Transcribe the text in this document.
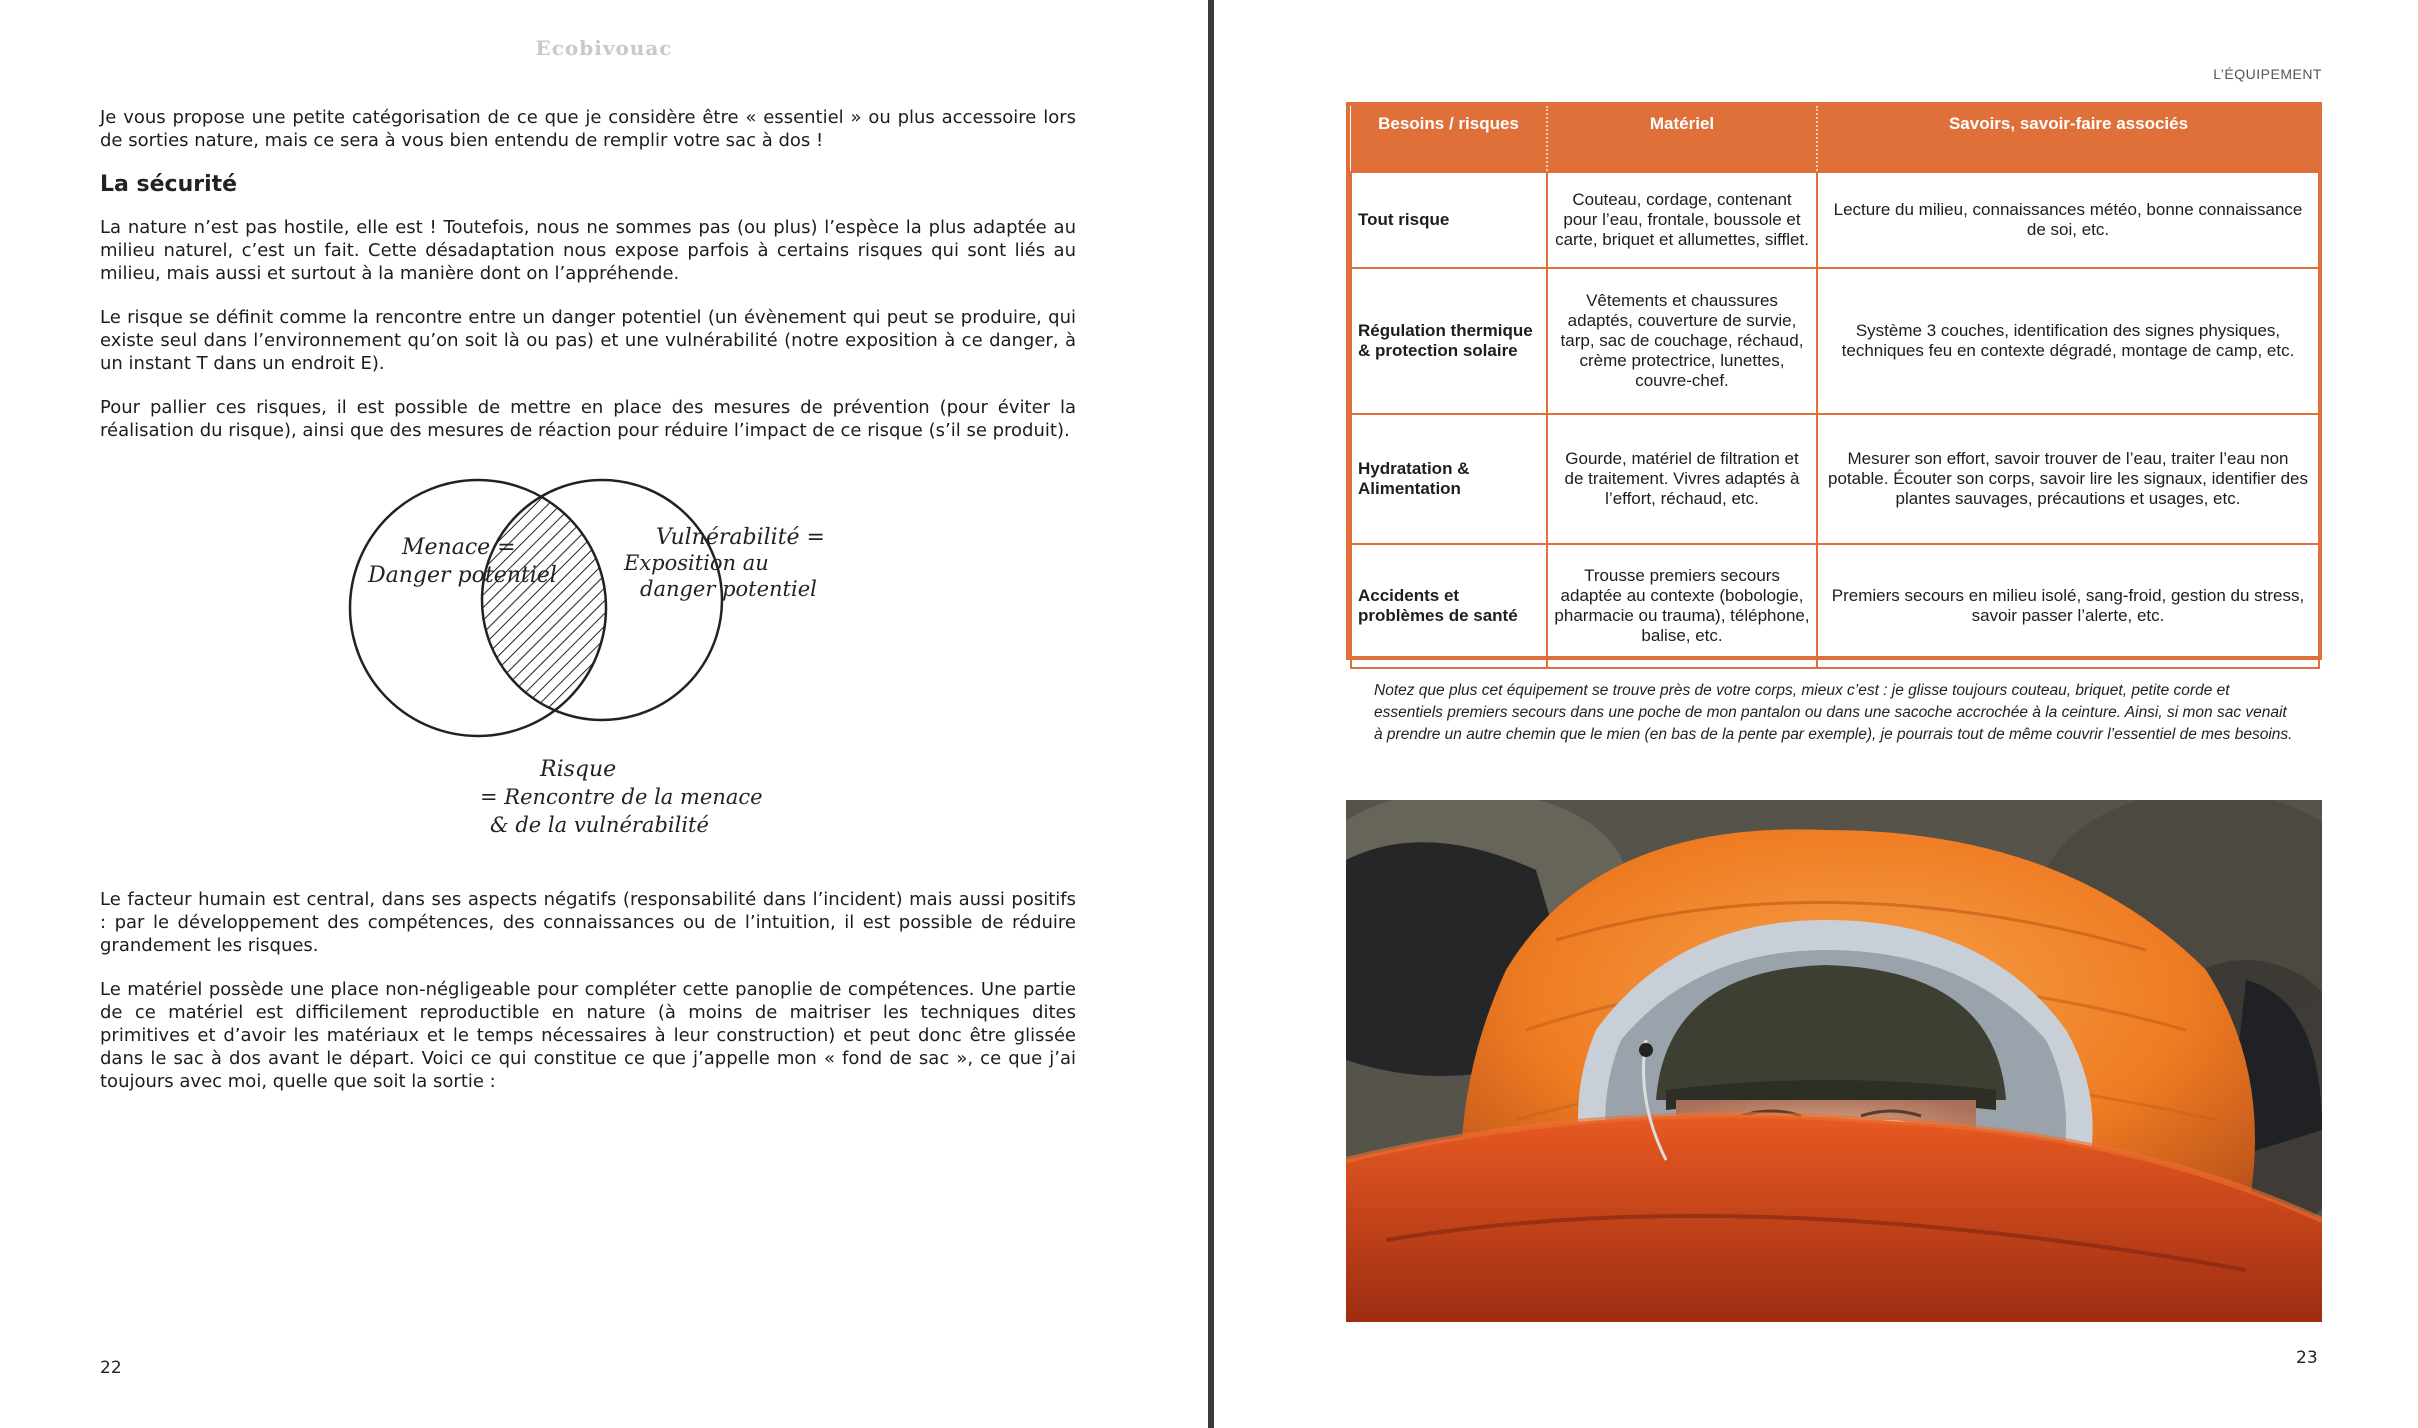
Ecobivouac

Je vous propose une petite catégorisation de ce que je considère être « essentiel » ou plus accessoire lors de sorties nature, mais ce sera à vous bien entendu de remplir votre sac à dos !

La sécurité

La nature n’est pas hostile, elle est ! Toutefois, nous ne sommes pas (ou plus) l’espèce la plus adaptée au milieu naturel, c’est un fait. Cette désadaptation nous expose parfois à certains risques qui sont liés au milieu, mais aussi et surtout à la manière dont on l’appréhende.

Le risque se définit comme la rencontre entre un danger potentiel (un évènement qui peut se produire, qui existe seul dans l’environnement qu’on soit là ou pas) et une vulnérabilité (notre exposition à ce danger, à un instant T dans un endroit E).

Pour pallier ces risques, il est possible de mettre en place des mesures de prévention (pour éviter la réalisation du risque), ainsi que des mesures de réaction pour réduire l’impact de ce risque (s’il se produit).

Menace =
Danger potentiel
Vulnérabilité =
Exposition au
danger potentiel
Risque
= Rencontre de la menace
& de la vulnérabilité

Le facteur humain est central, dans ses aspects négatifs (responsabilité dans l’incident) mais aussi positifs : par le développement des compétences, des connaissances ou de l’intuition, il est possible de réduire grandement les risques.

Le matériel possède une place non-négligeable pour compléter cette panoplie de compétences. Une partie de ce matériel est difficilement reproductible en nature (à moins de maitriser les techniques dites primitives et d’avoir les matériaux et le temps nécessaires à leur construction) et peut donc être glissée dans le sac à dos avant le départ. Voici ce qui constitue ce que j’appelle mon « fond de sac », ce que j’ai toujours avec moi, quelle que soit la sortie :

22
L’ÉQUIPEMENT
Besoins / risques	Matériel	Savoirs, savoir-faire associés
Tout risque	Couteau, cordage, contenant pour l’eau, frontale, boussole et carte, briquet et allumettes, sifflet.	Lecture du milieu, connaissances météo, bonne connaissance de soi, etc.
Régulation thermique & protection solaire	Vêtements et chaussures adaptés, couverture de survie, tarp, sac de couchage, réchaud, crème protectrice, lunettes, couvre-chef.	Système 3 couches, identification des signes physiques, techniques feu en contexte dégradé, montage de camp, etc.
Hydratation & Alimentation	Gourde, matériel de filtration et de traitement. Vivres adaptés à l’effort, réchaud, etc.	Mesurer son effort, savoir trouver de l’eau, traiter l’eau non potable. Écouter son corps, savoir lire les signaux, identifier des plantes sauvages, précautions et usages, etc.
Accidents et problèmes de santé	Trousse premiers secours adaptée au contexte (bobologie, pharmacie ou trauma), téléphone, balise, etc.	Premiers secours en milieu isolé, sang-froid, gestion du stress, savoir passer l’alerte, etc.

Notez que plus cet équipement se trouve près de votre corps, mieux c’est : je glisse toujours couteau, briquet, petite corde et essentiels premiers secours dans une poche de mon pantalon ou dans une sacoche accrochée à la ceinture. Ainsi, si mon sac venait à prendre un autre chemin que le mien (en bas de la pente par exemple), je pourrais tout de même couvrir l’essentiel de mes besoins.

23
